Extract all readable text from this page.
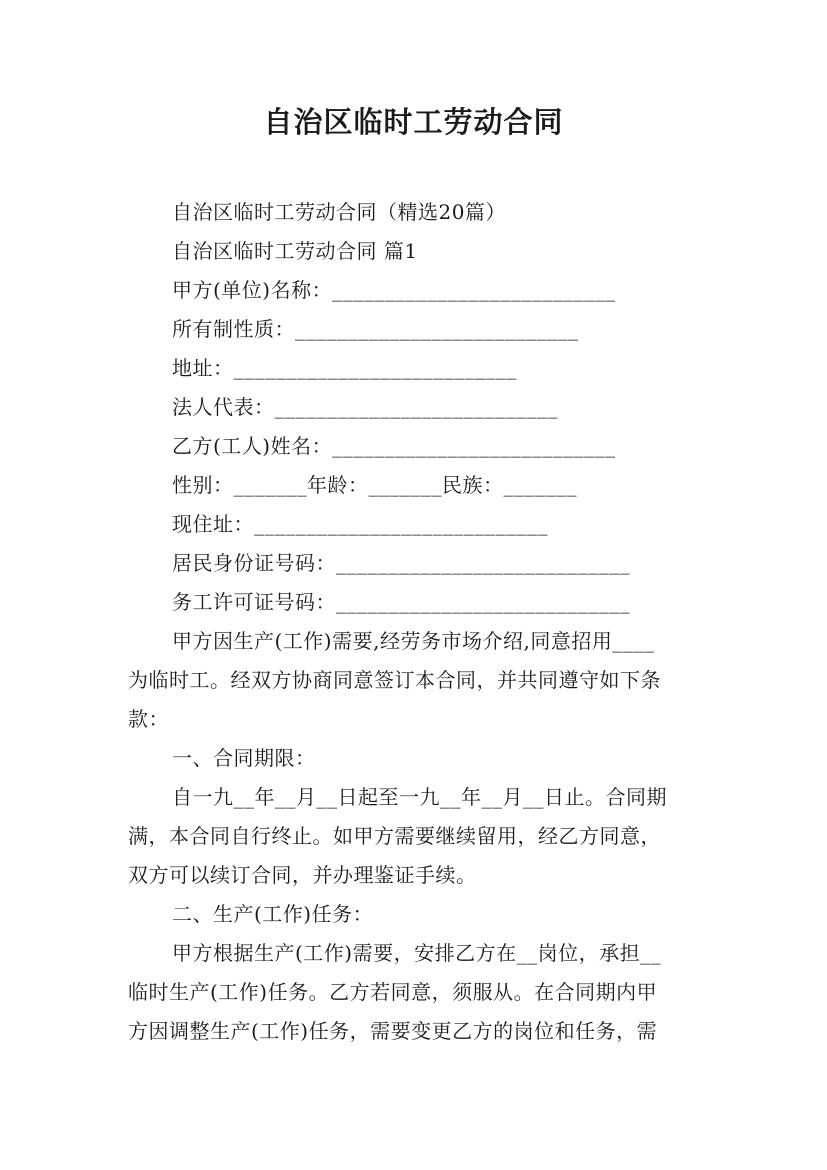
自治区临时工劳动合同
自治区临时工劳动合同（精选20篇）
自治区临时工劳动合同 篇1
甲方(单位)名称：___________________________
所有制性质：___________________________
地址：___________________________
法人代表：___________________________
乙方(工人)姓名：___________________________
性别：_______年龄：_______民族：_______
现住址：____________________________
居民身份证号码：____________________________
务工许可证号码：____________________________
甲方因生产(工作)需要,经劳务市场介绍,同意招用____
为临时工。经双方协商同意签订本合同，并共同遵守如下条
款：
一、合同期限：
自一九__年__月__日起至一九__年__月__日止。合同期
满，本合同自行终止。如甲方需要继续留用，经乙方同意，
双方可以续订合同，并办理鉴证手续。
二、生产(工作)任务：
甲方根据生产(工作)需要，安排乙方在__岗位，承担__
临时生产(工作)任务。乙方若同意，须服从。在合同期内甲
方因调整生产(工作)任务，需要变更乙方的岗位和任务，需
